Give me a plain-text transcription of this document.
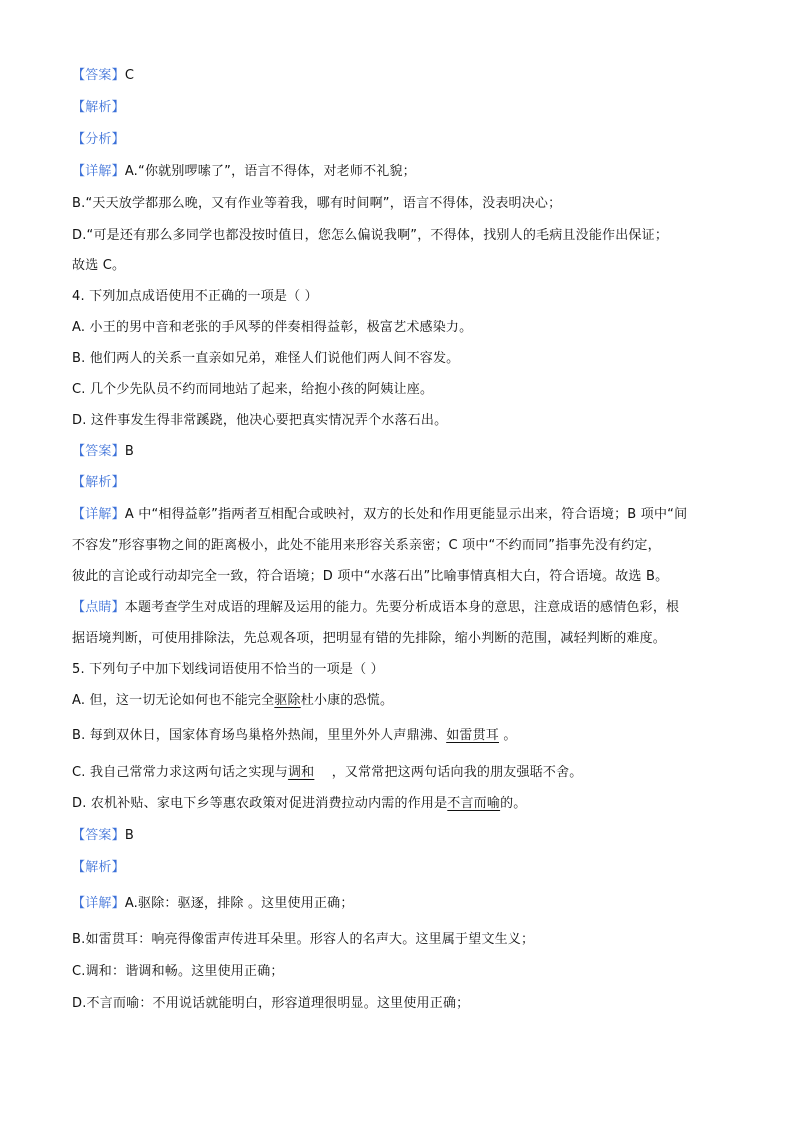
【答案】C
【解析】
【分析】
【详解】A.“你就别啰嗦了”，语言不得体，对老师不礼貌；
B.“天天放学都那么晚，又有作业等着我，哪有时间啊”，语言不得体，没表明决心；
D.“可是还有那么多同学也都没按时值日，您怎么偏说我啊”，不得体，找别人的毛病且没能作出保证；
故选 C。
4. 下列加点成语使用不正确的一项是（ ）
A. 小王的男中音和老张的手风琴的伴奏相得益彰，极富艺术感染力。
B. 他们两人的关系一直亲如兄弟，难怪人们说他们两人间不容发。
C. 几个少先队员不约而同地站了起来，给抱小孩的阿姨让座。
D. 这件事发生得非常蹊跷，他决心要把真实情况弄个水落石出。
【答案】B
【解析】
【详解】A 中“相得益彰”指两者互相配合或映衬，双方的长处和作用更能显示出来，符合语境；B 项中“间
不容发”形容事物之间的距离极小，此处不能用来形容关系亲密；C 项中“不约而同”指事先没有约定，
彼此的言论或行动却完全一致，符合语境；D 项中“水落石出”比喻事情真相大白，符合语境。故选 B。
【点睛】本题考查学生对成语的理解及运用的能力。先要分析成语本身的意思，注意成语的感情色彩，根
据语境判断，可使用排除法，先总观各项，把明显有错的先排除，缩小判断的范围，减轻判断的难度。
5. 下列句子中加下划线词语使用不恰当的一项是（ ）
A. 但，这一切无论如何也不能完全驱除杜小康的恐慌。
B. 每到双休日，国家体育场鸟巢格外热闹，里里外外人声鼎沸、如雷贯耳 。
C. 我自己常常力求这两句话之实现与调和    ，又常常把这两句话向我的朋友强聒不舍。
D. 农机补贴、家电下乡等惠农政策对促进消费拉动内需的作用是不言而喻的。
【答案】B
【解析】
【详解】A.驱除：驱逐，排除 。这里使用正确；
B.如雷贯耳：响亮得像雷声传进耳朵里。形容人的名声大。这里属于望文生义；
C.调和：谐调和畅。这里使用正确；
D.不言而喻：不用说话就能明白，形容道理很明显。这里使用正确；
